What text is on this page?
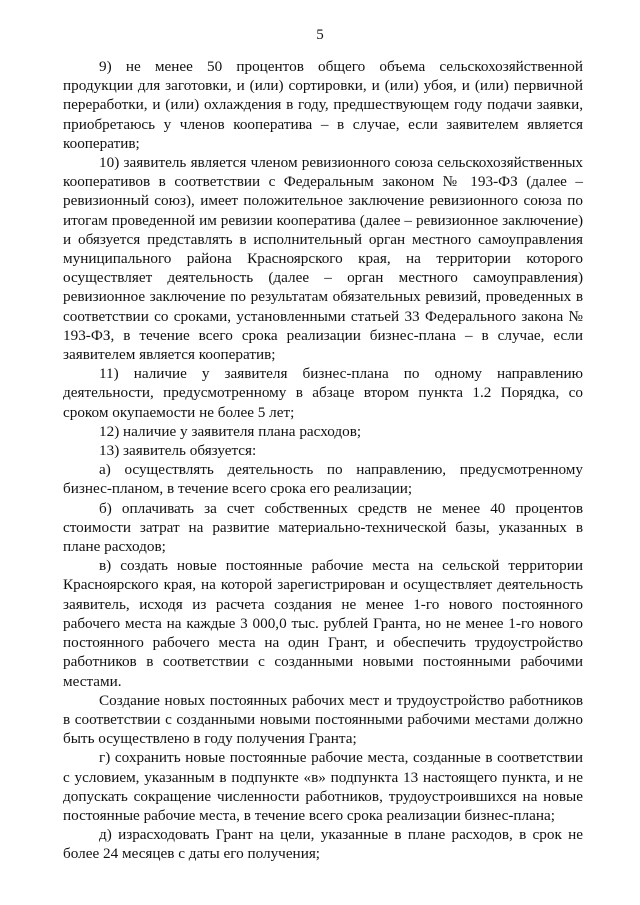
5

9) не менее 50 процентов общего объема сельскохозяйственной продукции для заготовки, и (или) сортировки, и (или) убоя, и (или) первичной переработки, и (или) охлаждения в году, предшествующем году подачи заявки, приобретаюсь у членов кооператива – в случае, если заявителем является кооператив;

10) заявитель является членом ревизионного союза сельскохозяйственных кооперативов в соответствии с Федеральным законом № 193-ФЗ (далее – ревизионный союз), имеет положительное заключение ревизионного союза по итогам проведенной им ревизии кооператива (далее – ревизионное заключение) и обязуется представлять в исполнительный орган местного самоуправления муниципального района Красноярского края, на территории которого осуществляет деятельность (далее – орган местного самоуправления) ревизионное заключение по результатам обязательных ревизий, проведенных в соответствии со сроками, установленными статьей 33 Федерального закона № 193-ФЗ, в течение всего срока реализации бизнес-плана – в случае, если заявителем является кооператив;

11) наличие у заявителя бизнес-плана по одному направлению деятельности, предусмотренному в абзаце втором пункта 1.2 Порядка, со сроком окупаемости не более 5 лет;

12) наличие у заявителя плана расходов;

13) заявитель обязуется:

а) осуществлять деятельность по направлению, предусмотренному бизнес-планом, в течение всего срока его реализации;

б) оплачивать за счет собственных средств не менее 40 процентов стоимости затрат на развитие материально-технической базы, указанных в плане расходов;

в) создать новые постоянные рабочие места на сельской территории Красноярского края, на которой зарегистрирован и осуществляет деятельность заявитель, исходя из расчета создания не менее 1-го нового постоянного рабочего места на каждые 3 000,0 тыс. рублей Гранта, но не менее 1-го нового постоянного рабочего места на один Грант, и обеспечить трудоустройство работников в соответствии с созданными новыми постоянными рабочими местами.

Создание новых постоянных рабочих мест и трудоустройство работников в соответствии с созданными новыми постоянными рабочими местами должно быть осуществлено в году получения Гранта;

г) сохранить новые постоянные рабочие места, созданные в соответствии с условием, указанным в подпункте «в» подпункта 13 настоящего пункта, и не допускать сокращение численности работников, трудоустроившихся на новые постоянные рабочие места, в течение всего срока реализации бизнес-плана;

д) израсходовать Грант на цели, указанные в плане расходов, в срок не более 24 месяцев с даты его получения;
